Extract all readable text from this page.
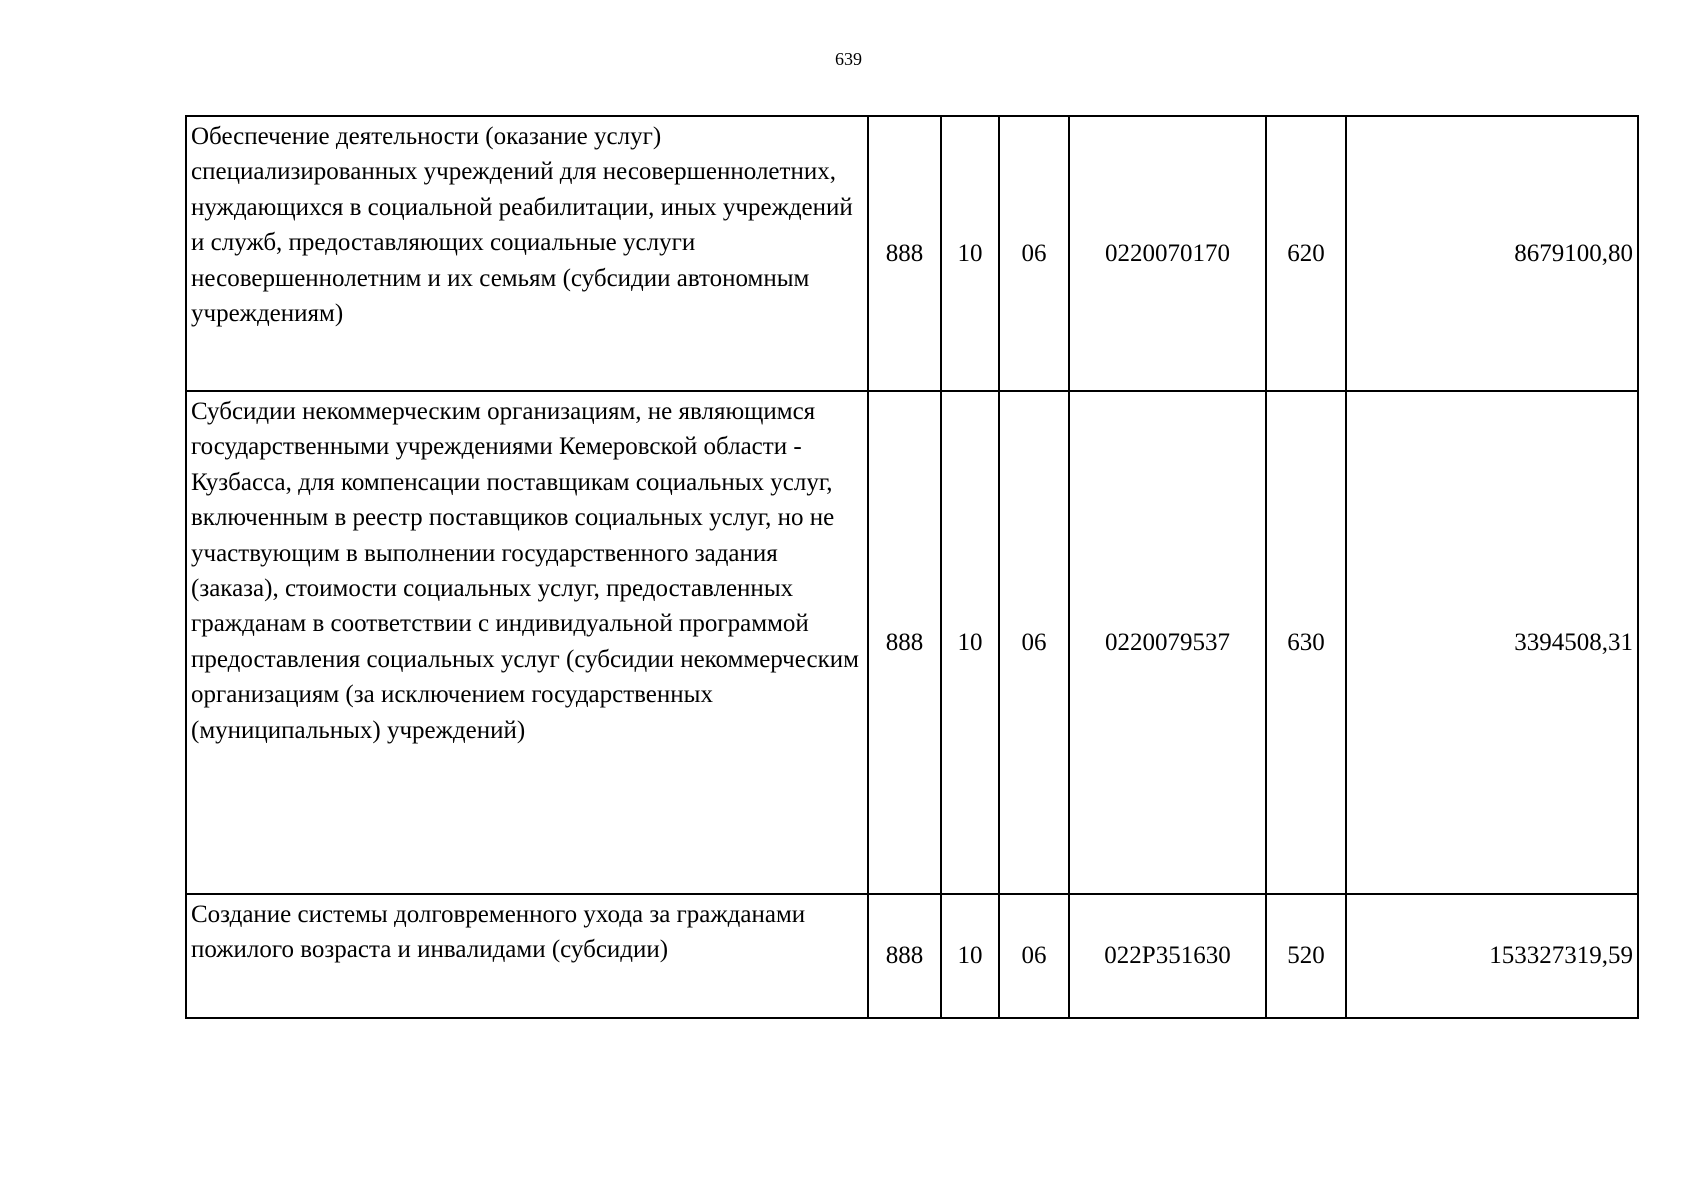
639
Обеспечение деятельности (оказание услуг) специализированных учреждений для несовершеннолетних, нуждающихся в социальной реабилитации, иных учреждений и служб, предоставляющих социальные услуги несовершеннолетним и их семьям (субсидии автономным учреждениям)	888	10	06	0220070170	620	8679100,80
Субсидии некоммерческим организациям, не являющимся государственными учреждениями Кемеровской области - Кузбасса, для компенсации поставщикам социальных услуг, включенным в реестр поставщиков социальных услуг, но не участвующим в выполнении государственного задания (заказа), стоимости социальных услуг, предоставленных гражданам в соответствии с индивидуальной программой предоставления социальных услуг (субсидии некоммерческим организациям (за исключением государственных (муниципальных) учреждений)	888	10	06	0220079537	630	3394508,31
Создание системы долговременного ухода за гражданами пожилого возраста и инвалидами (субсидии)	888	10	06	022P351630	520	153327319,59
